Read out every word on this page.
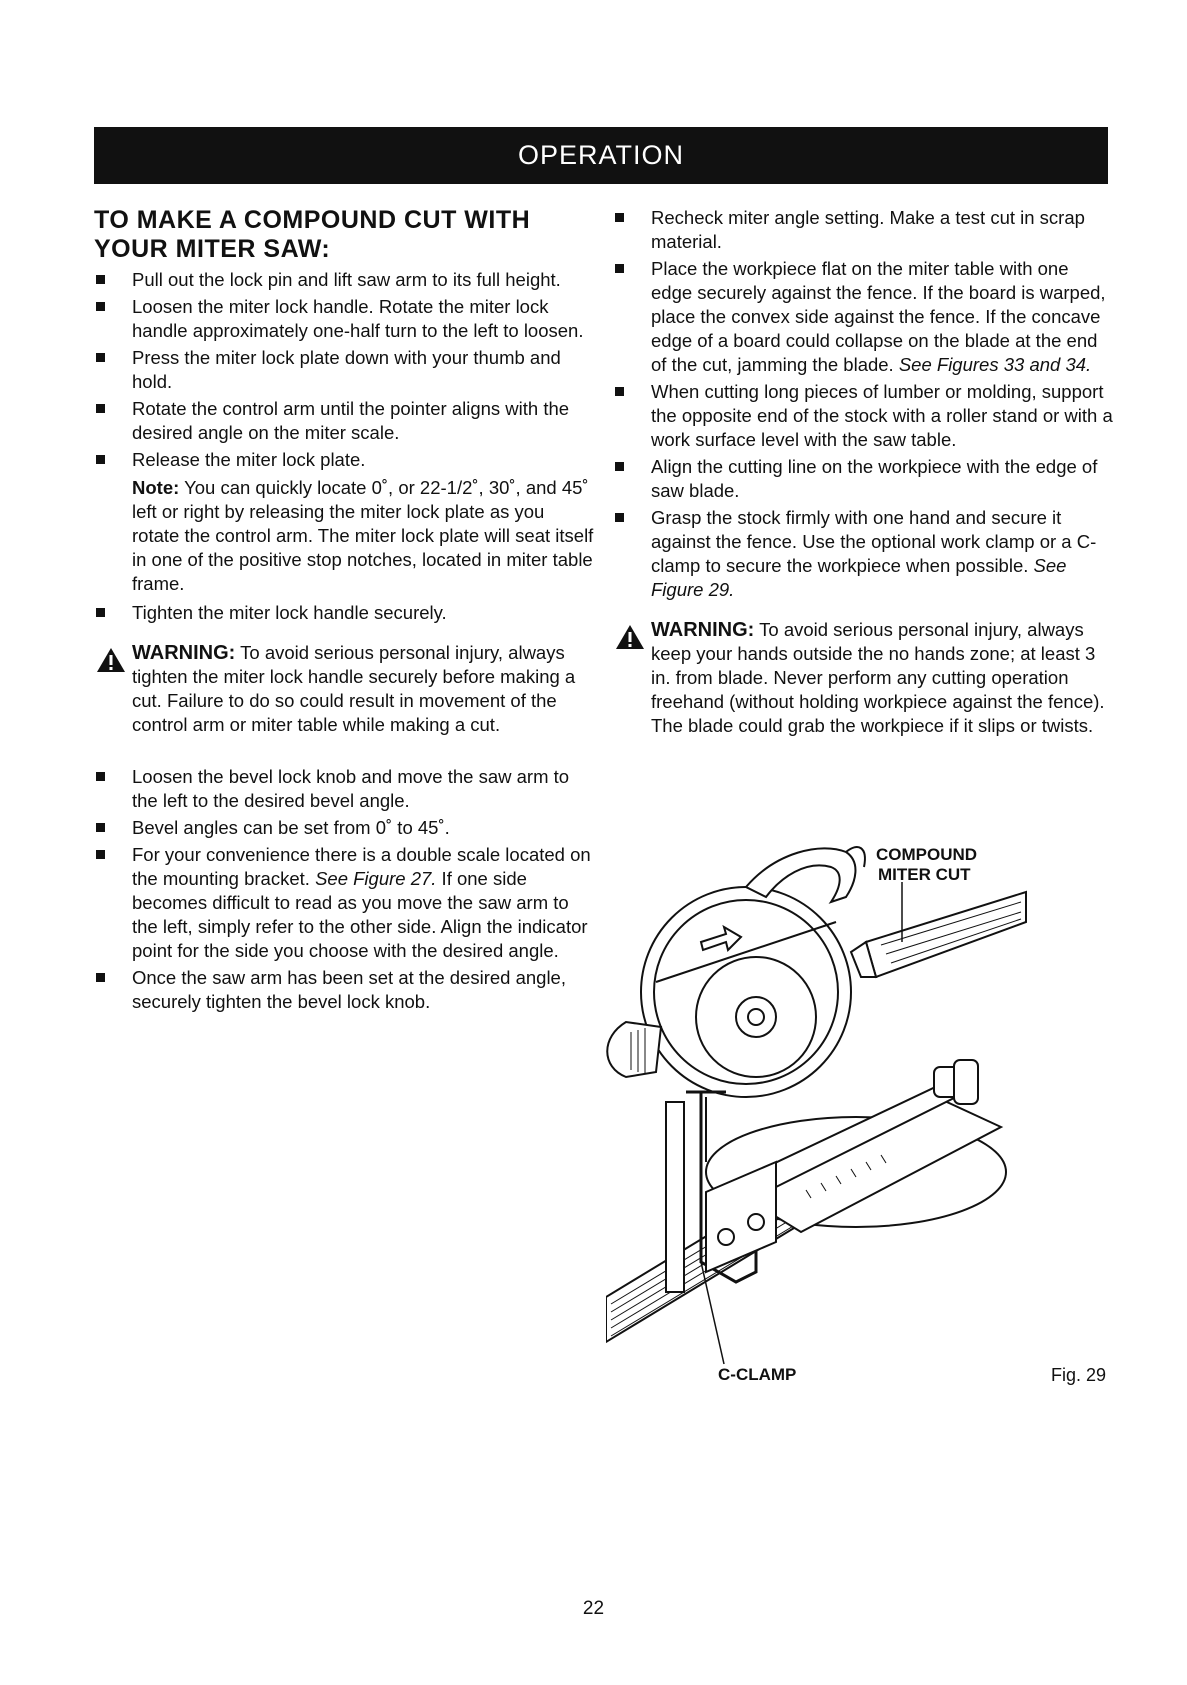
OPERATION
TO MAKE A COMPOUND CUT WITH YOUR MITER SAW:
Pull out the lock pin and lift saw arm to its full height.
Loosen the miter lock handle. Rotate the miter lock handle approximately one-half turn to the left to loosen.
Press the miter lock plate down with your thumb and hold.
Rotate the control arm until the pointer aligns with the desired angle on the miter scale.
Release the miter lock plate.
Note: You can quickly locate 0˚, or 22-1/2˚, 30˚, and 45˚ left or right by releasing the miter lock plate as you rotate the control arm. The miter lock plate will seat itself in one of the positive stop notches, located in miter table frame.
Tighten the miter lock handle securely.
WARNING: To avoid serious personal injury, always tighten the miter lock handle securely before making a cut. Failure to do so could result in movement of the control arm or miter table while making a cut.
Loosen the bevel lock knob and move the saw arm to the left to the desired bevel angle.
Bevel angles can be set from 0˚ to 45˚.
For your convenience there is a double scale located on the mounting bracket. See Figure 27. If one side becomes difficult to read as you move the saw arm to the left, simply refer to the other side. Align the indicator point for the side you choose with the desired angle.
Once the saw arm has been set at the desired angle, securely tighten the bevel lock knob.
Recheck miter angle setting. Make a test cut in scrap material.
Place the workpiece flat on the miter table with one edge securely against the fence. If the board is warped, place the convex side against the fence. If the concave edge of a board could collapse on the blade at the end of the cut, jamming the blade. See Figures 33 and 34.
When cutting long pieces of lumber or molding, support the opposite end of the stock with a roller stand or with a work surface level with the saw table.
Align the cutting line on the workpiece with the edge of saw blade.
Grasp the stock firmly with one hand and secure it against the fence. Use the optional work clamp or a C-clamp to secure the workpiece when possible. See Figure 29.
WARNING: To avoid serious personal injury, always keep your hands outside the no hands zone; at least 3 in. from blade. Never perform any cutting operation freehand (without holding workpiece against the fence). The blade could grab the workpiece if it slips or twists.
COMPOUND
MITER CUT
C-CLAMP	Fig. 29
22
